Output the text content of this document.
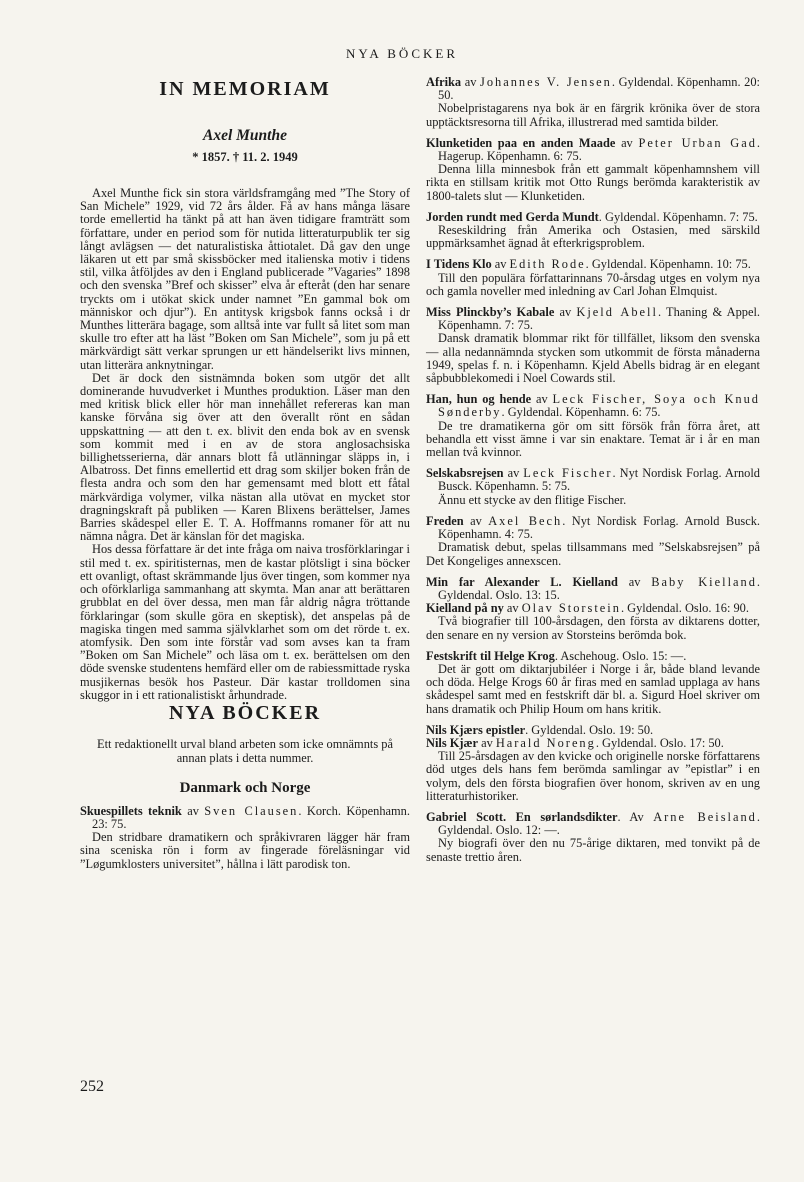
NYA BÖCKER
IN MEMORIAM
Axel Munthe
* 1857. † 11. 2. 1949

Axel Munthe fick sin stora världsframgång med ”The Story of San Michele” 1929, vid 72 års ålder. Få av hans många läsare torde emellertid ha tänkt på att han även tidigare framträtt som författare, under en period som för nutida litteraturpublik ter sig långt avlägsen — det naturalistiska åttiotalet. Då gav den unge läkaren ut ett par små skissböcker med italienska motiv i tidens stil, vilka åtföljdes av den i England publicerade ”Vagaries” 1898 och den svenska ”Bref och skisser” elva år efteråt (den har senare tryckts om i utökat skick under namnet ”En gammal bok om människor och djur”). En antitysk krigsbok fanns också i dr Munthes litterära bagage, som alltså inte var fullt så litet som man skulle tro efter att ha läst ”Boken om San Michele”, som ju på ett märkvärdigt sätt verkar sprungen ur ett händelserikt livs minnen, utan litterära anknytningar.

Det är dock den sistnämnda boken som utgör det allt dominerande huvudverket i Munthes produktion. Läser man den med kritisk blick eller hör man innehållet refereras kan man kanske förvåna sig över att den överallt rönt en sådan uppskattning — att den t. ex. blivit den enda bok av en svensk som kommit med i en av de stora anglosachsiska billighetsserierna, där annars blott få utlänningar släpps in, i Albatross. Det finns emellertid ett drag som skiljer boken från de flesta andra och som den har gemensamt med blott ett fåtal märkvärdiga volymer, vilka nästan alla utövat en mycket stor dragningskraft på publiken — Karen Blixens berättelser, James Barries skådespel eller E. T. A. Hoffmanns romaner för att nu nämna några. Det är känslan för det magiska.

Hos dessa författare är det inte fråga om naiva trosförklaringar i stil med t. ex. spiritisternas, men de kastar plötsligt i sina böcker ett ovanligt, oftast skrämmande ljus över tingen, som kommer nya och oförklarliga sammanhang att skymta. Man anar att berättaren grubblat en del över dessa, men man får aldrig några tröttande förklaringar (som skulle göra en skeptisk), det anspelas på de magiska tingen med samma självklarhet som om det rörde t. ex. atomfysik. Den som inte förstår vad som avses kan ta fram ”Boken om San Michele” och läsa om t. ex. berättelsen om den döde svenske studentens hemfärd eller om de rabiessmittade ryska musjikernas besök hos Pasteur. Där kastar trolldomen sina skuggor in i ett rationalistiskt århundrade.

NYA BÖCKER
Ett redaktionellt urval bland arbeten som icke omnämnts på annan plats i detta nummer.
Danmark och Norge

Skuespillets teknik av Sven Clausen. Korch. Köpenhamn. 23: 75.

Den stridbare dramatikern och språkivraren lägger här fram sina sceniska rön i form av fingerade föreläsningar vid ”Løgumklosters universitet”, hållna i lätt parodisk ton.

Afrika av Johannes V. Jensen. Gyldendal. Köpenhamn. 20: 50.

Nobelpristagarens nya bok är en färgrik krönika över de stora upptäcktsresorna till Afrika, illustrerad med samtida bilder.

Klunketiden paa en anden Maade av Peter Urban Gad. Hagerup. Köpenhamn. 6: 75.

Denna lilla minnesbok från ett gammalt köpenhamnshem vill rikta en stillsam kritik mot Otto Rungs berömda karakteristik av 1800-talets slut — Klunketiden.

Jorden rundt med Gerda Mundt. Gyldendal. Köpenhamn. 7: 75.

Reseskildring från Amerika och Ostasien, med särskild uppmärksamhet ägnad åt efterkrigsproblem.

I Tidens Klo av Edith Rode. Gyldendal. Köpenhamn. 10: 75.

Till den populära författarinnans 70-årsdag utges en volym nya och gamla noveller med inledning av Carl Johan Elmquist.

Miss Plinckby’s Kabale av Kjeld Abell. Thaning & Appel. Köpenhamn. 7: 75.

Dansk dramatik blommar rikt för tillfället, liksom den svenska — alla nedannämnda stycken som utkommit de första månaderna 1949, spelas f. n. i Köpenhamn. Kjeld Abells bidrag är en elegant såpbubblekomedi i Noel Cowards stil.

Han, hun og hende av Leck Fischer, Soya och Knud Sønderby. Gyldendal. Köpenhamn. 6: 75.

De tre dramatikerna gör om sitt försök från förra året, att behandla ett visst ämne i var sin enaktare. Temat är i år en man mellan två kvinnor.

Selskabsrejsen av Leck Fischer. Nyt Nordisk Forlag. Arnold Busck. Köpenhamn. 5: 75.

Ännu ett stycke av den flitige Fischer.

Freden av Axel Bech. Nyt Nordisk Forlag. Arnold Busck. Köpenhamn. 4: 75.

Dramatisk debut, spelas tillsammans med ”Selskabsrejsen” på Det Kongeliges annexscen.

Min far Alexander L. Kielland av Baby Kielland. Gyldendal. Oslo. 13: 15.

Kielland på ny av Olav Storstein. Gyldendal. Oslo. 16: 90.

Två biografier till 100-årsdagen, den första av diktarens dotter, den senare en ny version av Storsteins berömda bok.

Festskrift til Helge Krog. Aschehoug. Oslo. 15: —.

Det är gott om diktarjubiléer i Norge i år, både bland levande och döda. Helge Krogs 60 år firas med en samlad upplaga av hans skådespel samt med en festskrift där bl. a. Sigurd Hoel skriver om hans dramatik och Philip Houm om hans kritik.

Nils Kjærs epistler. Gyldendal. Oslo. 19: 50.

Nils Kjær av Harald Noreng. Gyldendal. Oslo. 17: 50.

Till 25-årsdagen av den kvicke och originelle norske författarens död utges dels hans fem berömda samlingar av ”epistlar” i en volym, dels den första biografien över honom, skriven av en ung litteraturhistoriker.

Gabriel Scott. En sørlandsdikter. Av Arne Beisland. Gyldendal. Oslo. 12: —.

Ny biografi över den nu 75-årige diktaren, med tonvikt på de senaste trettio åren.

252
